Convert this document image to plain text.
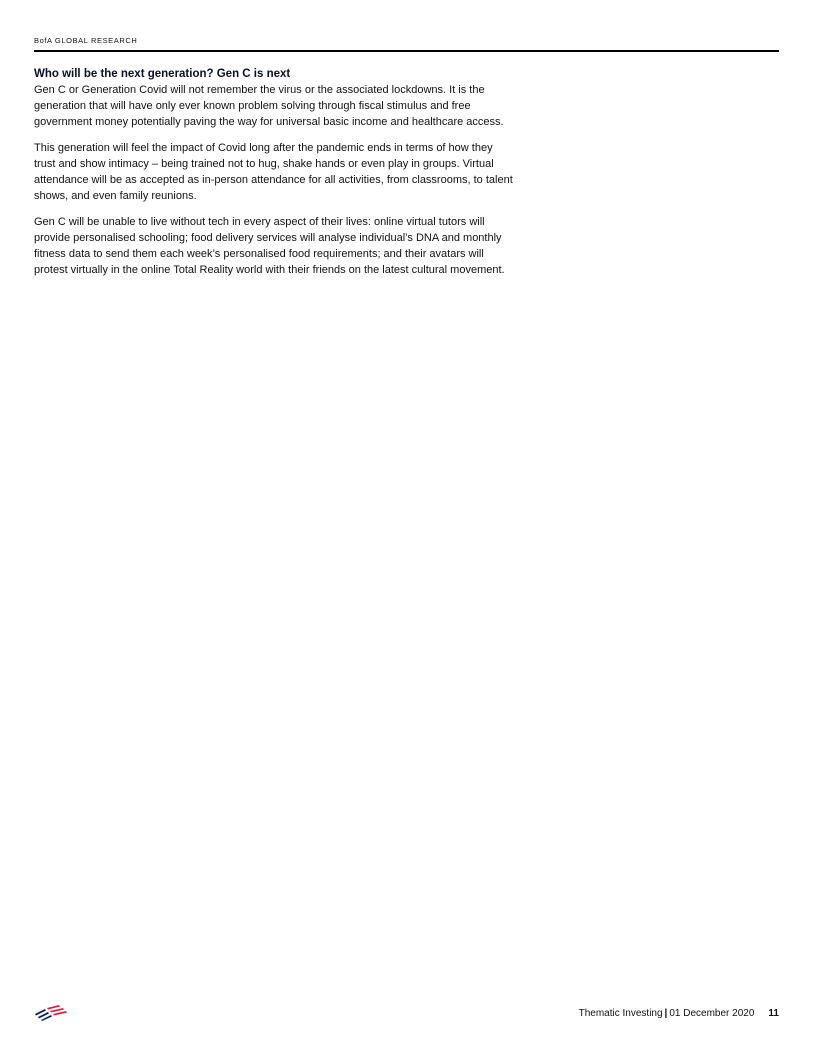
BofA GLOBAL RESEARCH

Who will be the next generation? Gen C is next

Gen C or Generation Covid will not remember the virus or the associated lockdowns. It is the generation that will have only ever known problem solving through fiscal stimulus and free government money potentially paving the way for universal basic income and healthcare access.

This generation will feel the impact of Covid long after the pandemic ends in terms of how they trust and show intimacy – being trained not to hug, shake hands or even play in groups. Virtual attendance will be as accepted as in-person attendance for all activities, from classrooms, to talent shows, and even family reunions.

Gen C will be unable to live without tech in every aspect of their lives: online virtual tutors will provide personalised schooling; food delivery services will analyse individual’s DNA and monthly fitness data to send them each week’s personalised food requirements; and their avatars will protest virtually in the online Total Reality world with their friends on the latest cultural movement.

Thematic Investing | 01 December 2020 11
